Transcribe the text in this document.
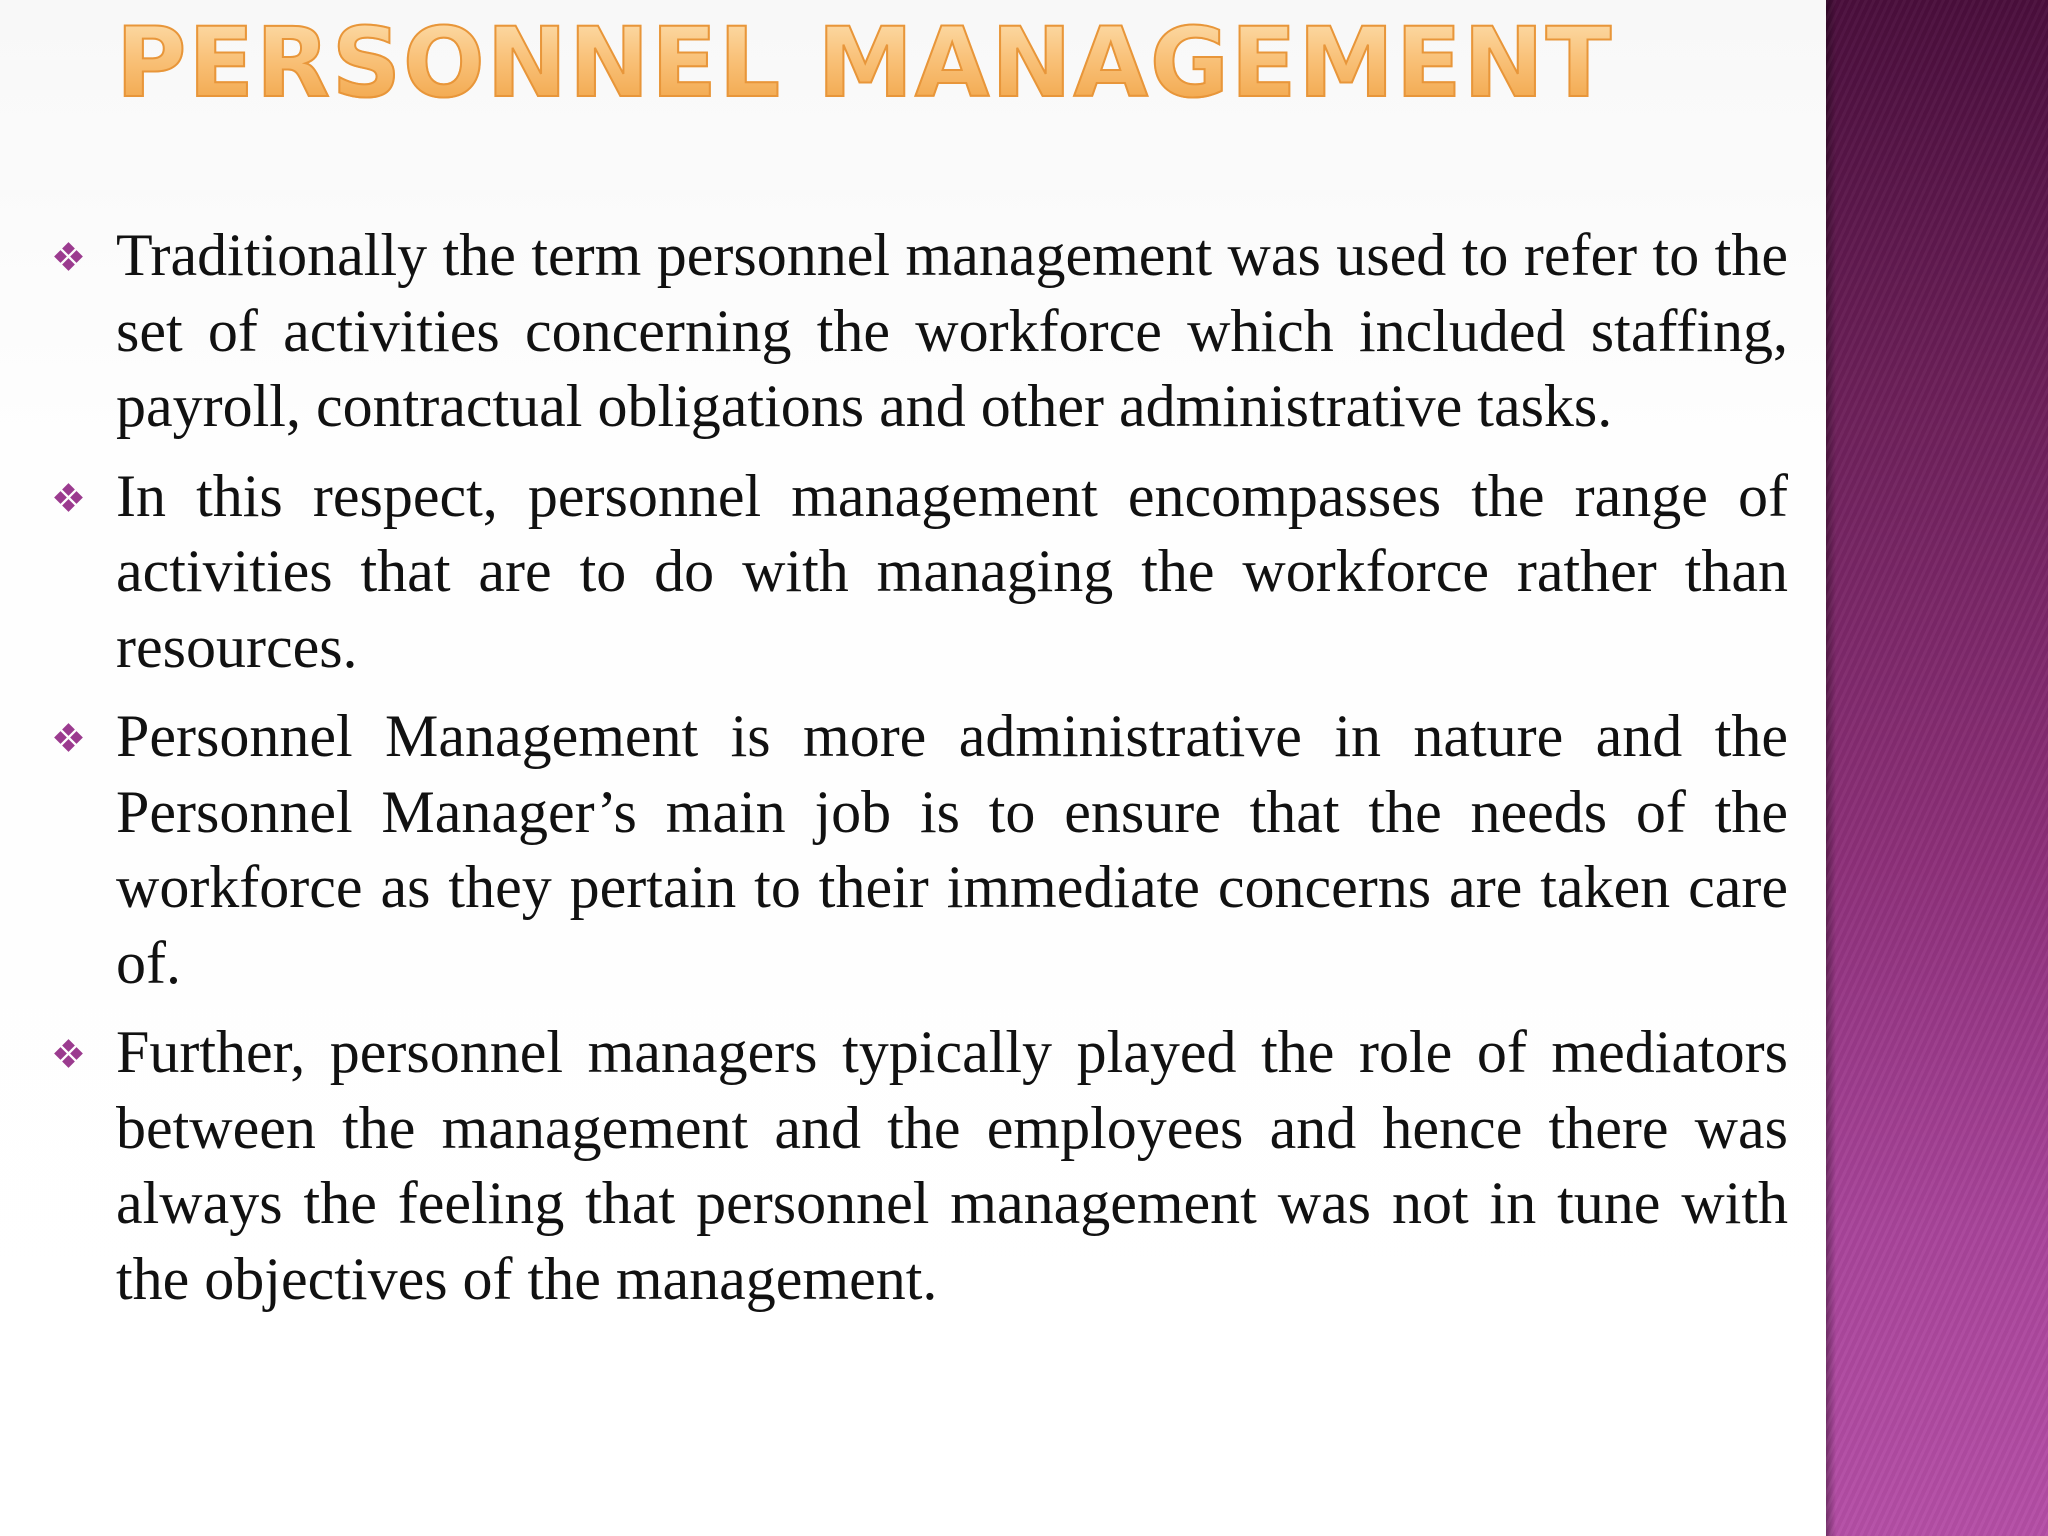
PERSONNEL MANAGEMENT
Traditionally the term personnel management was used to refer to the set of activities concerning the workforce which included staffing, payroll, contractual obligations and other administrative tasks.
In this respect, personnel management encompasses the range of activities that are to do with managing the workforce rather than resources.
Personnel Management is more administrative in nature and the Personnel Manager’s main job is to ensure that the needs of the workforce as they pertain to their immediate concerns are taken care of.
Further, personnel managers typically played the role of mediators between the management and the employees and hence there was always the feeling that personnel management was not in tune with the objectives of the management.
